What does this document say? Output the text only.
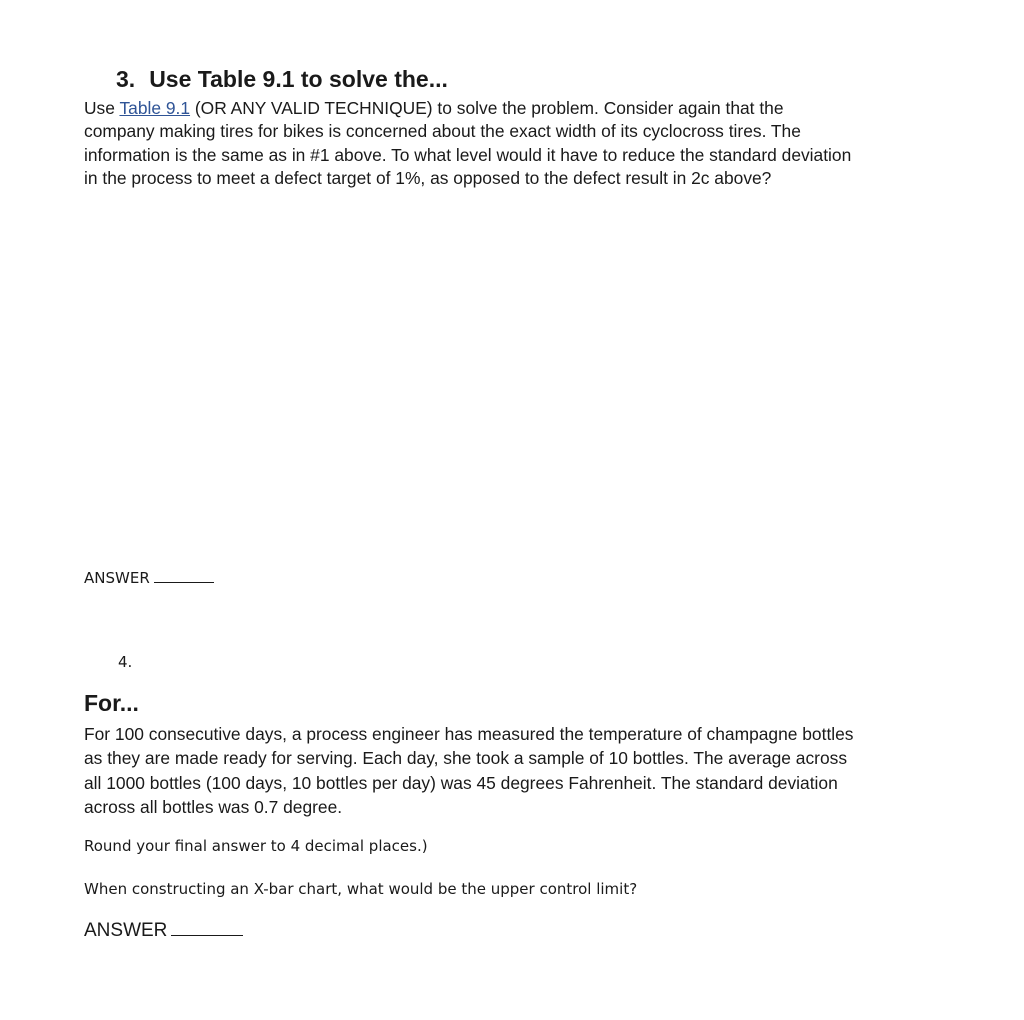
3. Use Table 9.1 to solve the...
Use Table 9.1 (OR ANY VALID TECHNIQUE) to solve the problem. Consider again that the
company making tires for bikes is concerned about the exact width of its cyclocross tires. The
information is the same as in #1 above. To what level would it have to reduce the standard deviation
in the process to meet a defect target of 1%, as opposed to the defect result in 2c above?
ANSWER
4.
For...
For 100 consecutive days, a process engineer has measured the temperature of champagne bottles
as they are made ready for serving. Each day, she took a sample of 10 bottles. The average across
all 1000 bottles (100 days, 10 bottles per day) was 45 degrees Fahrenheit. The standard deviation
across all bottles was 0.7 degree.
Round your final answer to 4 decimal places.)
When constructing an X-bar chart, what would be the upper control limit?
ANSWER
